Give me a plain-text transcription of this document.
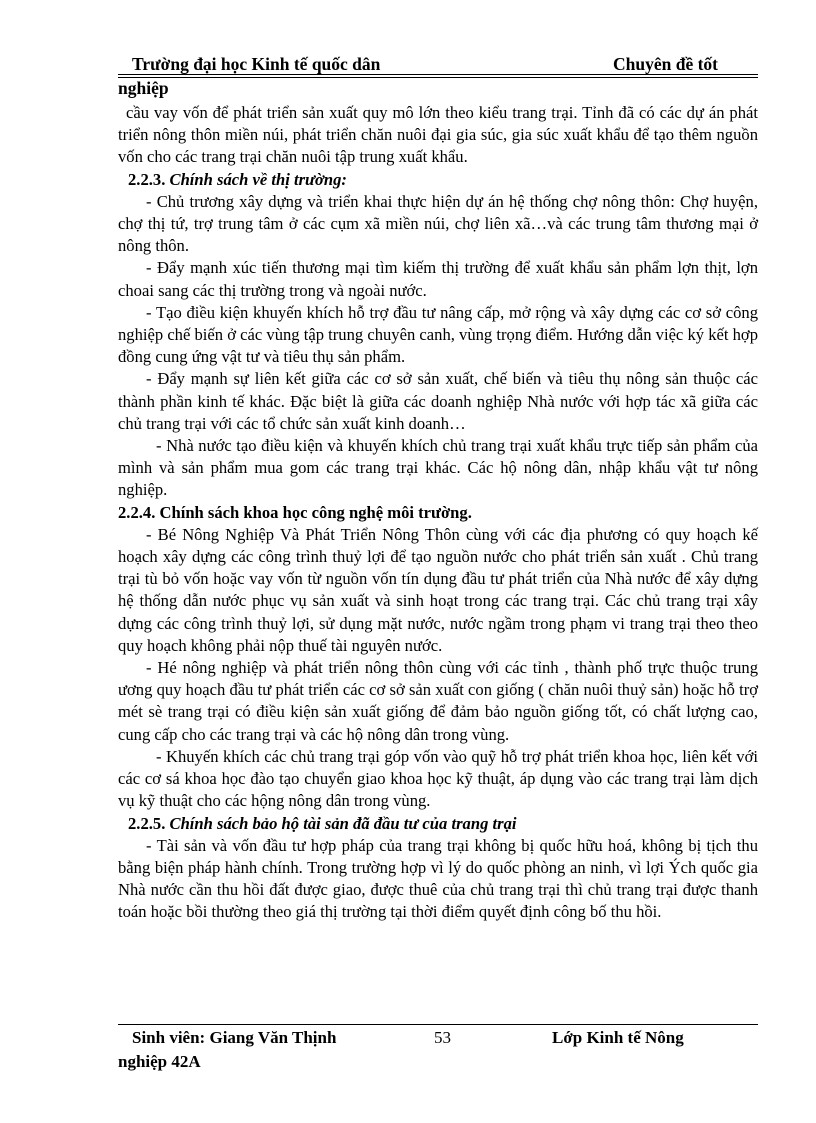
Trường đại học Kinh tế quốc dân	Chuyên đề tốt
nghiệp

cầu vay vốn để phát triển sản xuất quy mô lớn theo kiểu trang trại. Tỉnh đã có các dự án phát triển nông thôn miền núi, phát triển chăn nuôi đại gia súc, gia súc xuất khẩu để tạo thêm nguồn vốn cho các trang trại chăn nuôi tập trung xuất khẩu.

2.2.3. Chính sách về thị trường:

- Chủ trương xây dựng và triển khai thực hiện dự án hệ thống chợ nông thôn: Chợ huyện, chợ thị tứ, trợ trung tâm ở các cụm xã miền núi, chợ liên xã…và các trung tâm thương mại ở nông thôn.

- Đẩy mạnh xúc tiến thương mại tìm kiếm thị trường để xuất khẩu sản phẩm lợn thịt, lợn choai sang các thị trường trong và ngoài nước.

- Tạo điều kiện khuyến khích hỗ trợ đầu tư nâng cấp, mở rộng và xây dựng các cơ sở công nghiệp chế biến ở các vùng tập trung chuyên canh, vùng trọng điểm. Hướng dẫn việc ký kết hợp đồng cung ứng vật tư và tiêu thụ sản phẩm.

- Đẩy mạnh sự liên kết giữa các cơ sở sản xuất, chế biến và tiêu thụ nông sản thuộc các thành phần kinh tế khác. Đặc biệt là giữa các doanh nghiệp Nhà nước với hợp tác xã giữa các chủ trang trại với các tổ chức sản xuất kinh doanh…

- Nhà nước tạo điều kiện và khuyến khích chủ trang trại xuất khẩu trực tiếp sản phẩm của mình và sản phẩm mua gom các trang trại khác. Các hộ nông dân, nhập khẩu vật tư nông nghiệp.

2.2.4. Chính sách khoa học công nghệ môi trường.

- Bé Nông Nghiệp Và Phát Triển Nông Thôn cùng với các địa phương có quy hoạch kế hoạch xây dựng các công trình thuỷ lợi để tạo nguồn nước cho phát triển sản xuất . Chủ trang trại tù bỏ vốn hoặc vay vốn từ nguồn vốn tín dụng đầu tư phát triển của Nhà nước để xây dựng hệ thống dẫn nước phục vụ sản xuất và sinh hoạt trong các trang trại. Các chủ trang trại xây dựng các công trình thuỷ lợi, sử dụng mặt nước, nước ngầm trong phạm vi trang trại theo theo quy hoạch không phải nộp thuế tài nguyên nước.

- Hé nông nghiệp và phát triển nông thôn cùng với các tỉnh , thành phố trực thuộc trung ương quy hoạch đầu tư phát triển các cơ sở sản xuất con giống ( chăn nuôi thuỷ sản) hoặc hỗ trợ mét sè trang trại có điều kiện sản xuất giống để đảm bảo nguồn giống tốt, có chất lượng cao, cung cấp cho các trang trại và các hộ nông dân trong vùng.

- Khuyến khích các chủ trang trại góp vốn vào quỹ hỗ trợ phát triển khoa học, liên kết với các cơ sá khoa học đào tạo chuyển giao khoa học kỹ thuật, áp dụng vào các trang trại làm dịch vụ kỹ thuật cho các hộng nông dân trong vùng.

2.2.5. Chính sách bảo hộ tài sản đã đầu tư của trang trại

- Tài sản và vốn đầu tư hợp pháp của trang trại không bị quốc hữu hoá, không bị tịch thu bằng biện pháp hành chính. Trong trường hợp vì lý do quốc phòng an ninh, vì lợi Ých quốc gia Nhà nước cần thu hồi đất được giao, được thuê của chủ trang trại thì chủ trang trại được thanh toán hoặc bồi thường theo giá thị trường tại thời điểm quyết định công bố thu hồi.

Sinh viên: Giang Văn Thịnh	53	Lớp Kinh tế Nông
nghiệp 42A
